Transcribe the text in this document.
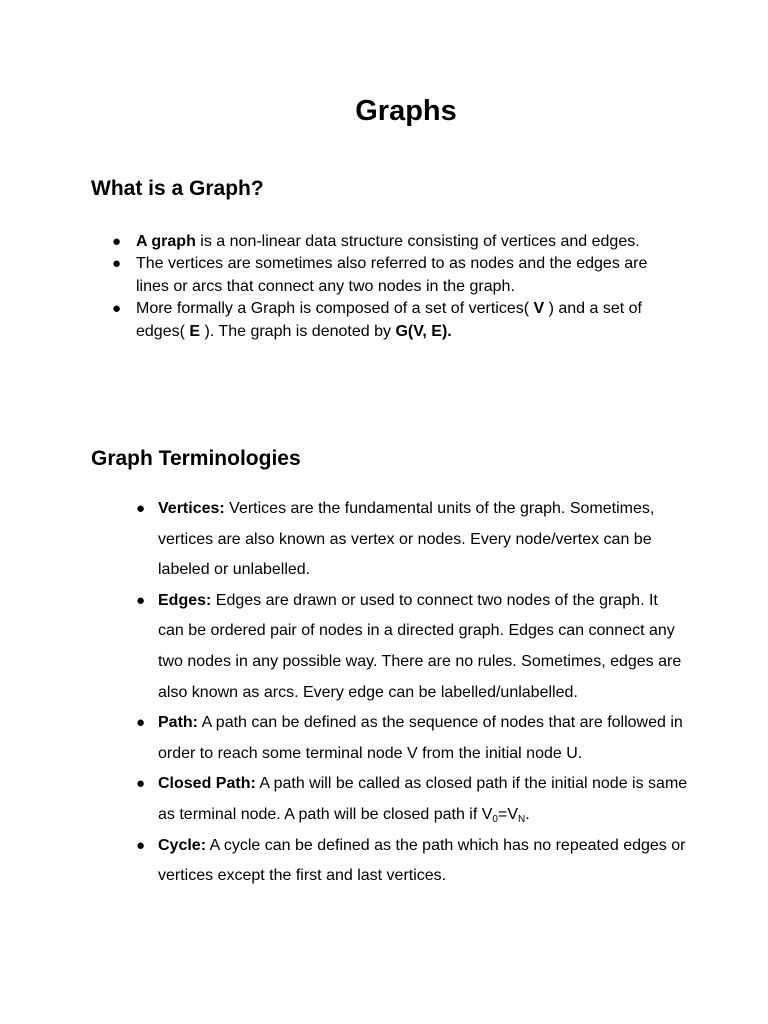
Graphs
What is a Graph?
● A graph is a non-linear data structure consisting of vertices and edges.
● The vertices are sometimes also referred to as nodes and the edges are lines or arcs that connect any two nodes in the graph.
● More formally a Graph is composed of a set of vertices( V ) and a set of edges( E ). The graph is denoted by G(V, E).
Graph Terminologies
● Vertices: Vertices are the fundamental units of the graph. Sometimes, vertices are also known as vertex or nodes. Every node/vertex can be labeled or unlabelled.
● Edges: Edges are drawn or used to connect two nodes of the graph. It can be ordered pair of nodes in a directed graph. Edges can connect any two nodes in any possible way. There are no rules. Sometimes, edges are also known as arcs. Every edge can be labelled/unlabelled.
● Path: A path can be defined as the sequence of nodes that are followed in order to reach some terminal node V from the initial node U.
● Closed Path: A path will be called as closed path if the initial node is same as terminal node. A path will be closed path if $V_0=V_N$.
● Cycle: A cycle can be defined as the path which has no repeated edges or vertices except the first and last vertices.
